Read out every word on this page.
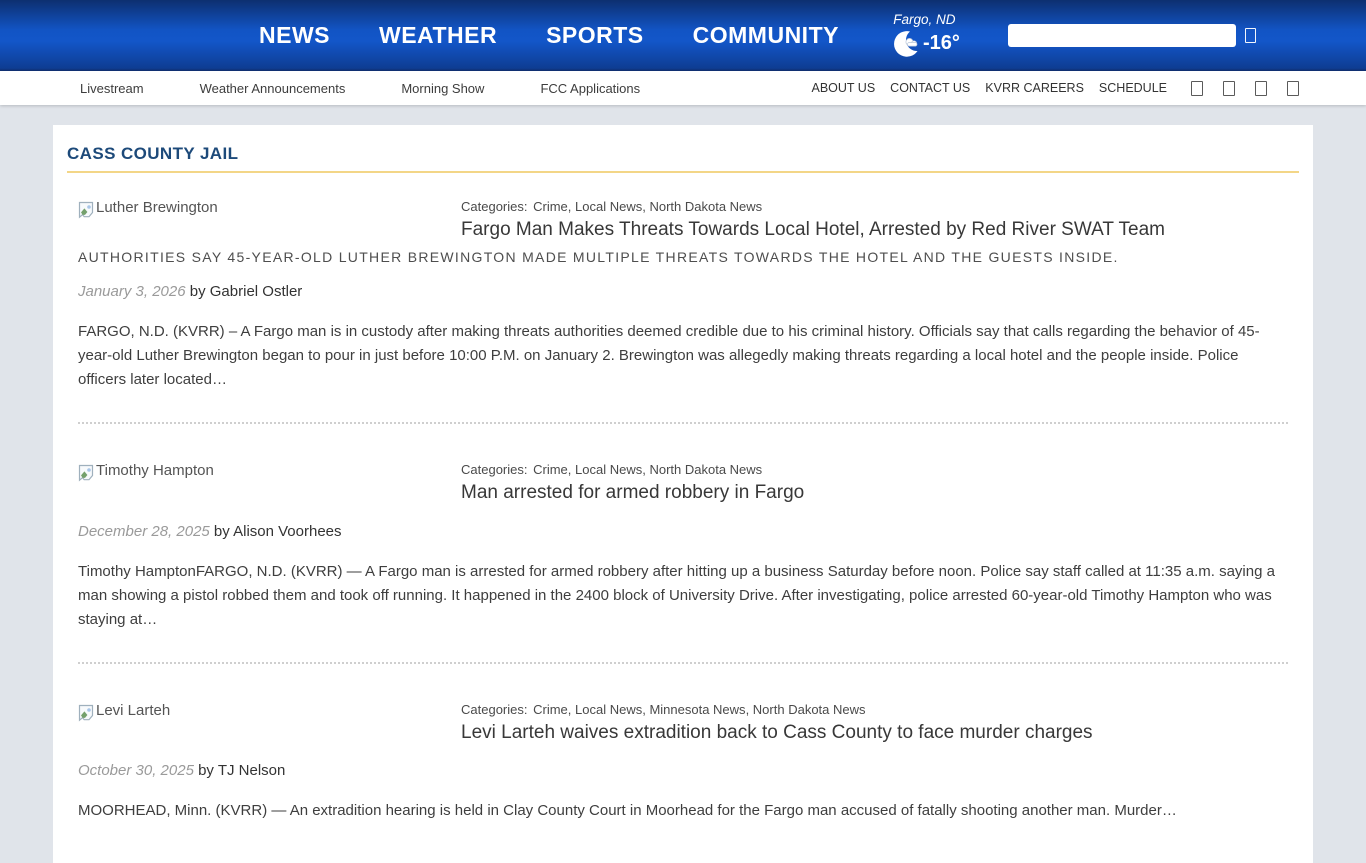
NEWS WEATHER SPORTS COMMUNITY
Fargo, ND
-16°
Livestream	Weather Announcements	Morning Show	FCC Applications	ABOUT US CONTACT US KVRR CAREERS SCHEDULE
CASS COUNTY JAIL
Luther Brewington	Categories: Crime , Local News , North Dakota News
Fargo Man Makes Threats Towards Local Hotel, Arrested by Red River SWAT Team
AUTHORITIES SAY 45-YEAR-OLD LUTHER BREWINGTON MADE MULTIPLE THREATS TOWARDS THE HOTEL AND THE GUESTS INSIDE.
January 3, 2026 by Gabriel Ostler

FARGO, N.D. (KVRR) – A Fargo man is in custody after making threats authorities deemed credible due to his criminal history. Officials say that calls regarding the behavior of 45-year-old Luther Brewington began to pour in just before 10:00 P.M. on January 2. Brewington was allegedly making threats regarding a local hotel and the people inside. Police officers later located…

Timothy Hampton	Categories: Crime , Local News , North Dakota News
Man arrested for armed robbery in Fargo
December 28, 2025 by Alison Voorhees

Timothy HamptonFARGO, N.D. (KVRR) — A Fargo man is arrested for armed robbery after hitting up a business Saturday before noon. Police say staff called at 11:35 a.m. saying a man showing a pistol robbed them and took off running. It happened in the 2400 block of University Drive. After investigating, police arrested 60-year-old Timothy Hampton who was staying at…

Levi Larteh	Categories: Crime , Local News , Minnesota News , North Dakota News
Levi Larteh waives extradition back to Cass County to face murder charges
October 30, 2025 by TJ Nelson

MOORHEAD, Minn. (KVRR) — An extradition hearing is held in Clay County Court in Moorhead for the Fargo man accused of fatally shooting another man. Murder…
